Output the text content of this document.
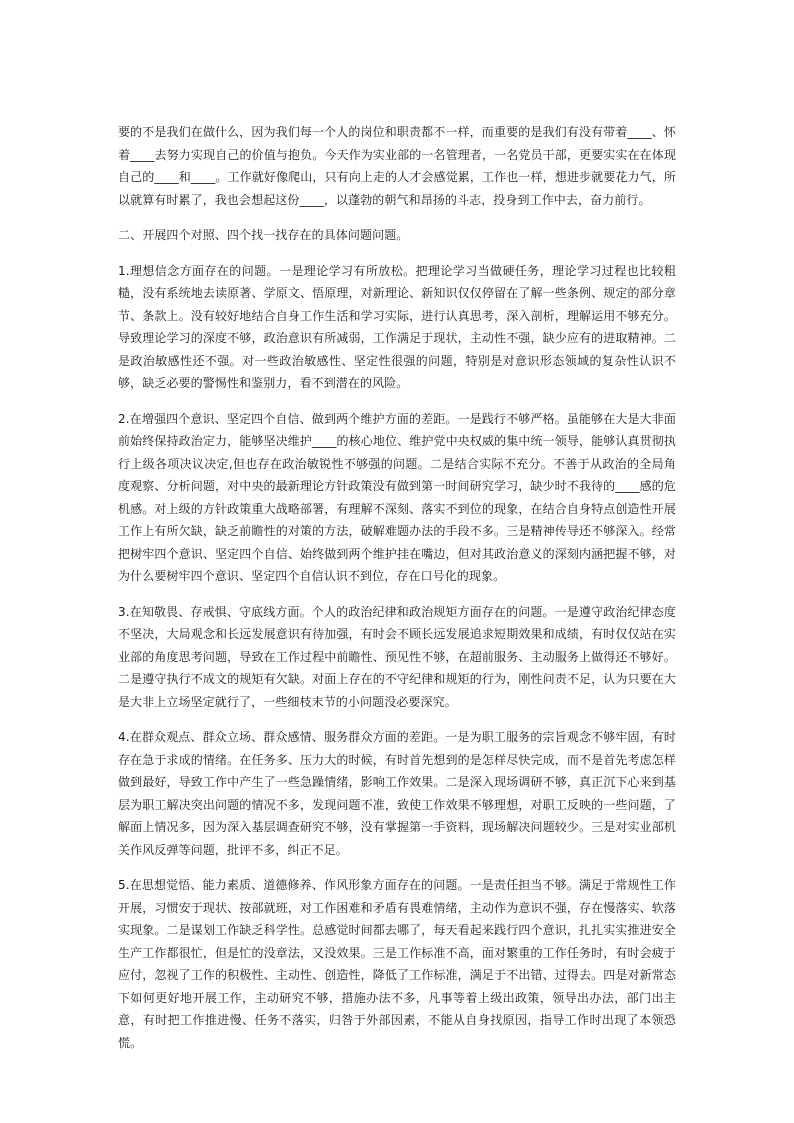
要的不是我们在做什么，因为我们每一个人的岗位和职责都不一样，而重要的是我们有没有带着____、怀着____去努力实现自己的价值与抱负。今天作为实业部的一名管理者，一名党员干部，更要实实在在体现自己的____和____。工作就好像爬山，只有向上走的人才会感觉累，工作也一样，想进步就要花力气，所以就算有时累了，我也会想起这份____，以蓬勃的朝气和昂扬的斗志，投身到工作中去，奋力前行。

二、开展四个对照、四个找一找存在的具体问题问题。

1.理想信念方面存在的问题。一是理论学习有所放松。把理论学习当做硬任务，理论学习过程也比较粗糙，没有系统地去读原著、学原文、悟原理，对新理论、新知识仅仅停留在了解一些条例、规定的部分章节、条款上。没有较好地结合自身工作生活和学习实际，进行认真思考，深入剖析，理解运用不够充分。导致理论学习的深度不够，政治意识有所减弱，工作满足于现状，主动性不强，缺少应有的进取精神。二是政治敏感性还不强。对一些政治敏感性、坚定性很强的问题，特别是对意识形态领域的复杂性认识不够，缺乏必要的警惕性和鉴别力，看不到潜在的风险。

2.在增强四个意识、坚定四个自信、做到两个维护方面的差距。一是践行不够严格。虽能够在大是大非面前始终保持政治定力，能够坚决维护____的核心地位、维护党中央权威的集中统一领导，能够认真贯彻执行上级各项决议决定,但也存在政治敏锐性不够强的问题。二是结合实际不充分。不善于从政治的全局角度观察、分析问题，对中央的最新理论方针政策没有做到第一时间研究学习，缺少时不我待的____感的危机感。对上级的方针政策重大战略部署，有理解不深刻、落实不到位的现象，在结合自身特点创造性开展工作上有所欠缺，缺乏前瞻性的对策的方法，破解难题办法的手段不多。三是精神传导还不够深入。经常把树牢四个意识、坚定四个自信、始终做到两个维护挂在嘴边，但对其政治意义的深刻内涵把握不够，对为什么要树牢四个意识、坚定四个自信认识不到位，存在口号化的现象。

3.在知敬畏、存戒惧、守底线方面。个人的政治纪律和政治规矩方面存在的问题。一是遵守政治纪律态度不坚决，大局观念和长远发展意识有待加强，有时会不顾长远发展追求短期效果和成绩，有时仅仅站在实业部的角度思考问题，导致在工作过程中前瞻性、预见性不够，在超前服务、主动服务上做得还不够好。二是遵守执行不成文的规矩有欠缺。对面上存在的不守纪律和规矩的行为，刚性问责不足，认为只要在大是大非上立场坚定就行了，一些细枝末节的小问题没必要深究。

4.在群众观点、群众立场、群众感情、服务群众方面的差距。一是为职工服务的宗旨观念不够牢固，有时存在急于求成的情绪。在任务多、压力大的时候，有时首先想到的是怎样尽快完成，而不是首先考虑怎样做到最好，导致工作中产生了一些急躁情绪，影响工作效果。二是深入现场调研不够，真正沉下心来到基层为职工解决突出问题的情况不多，发现问题不准，致使工作效果不够理想，对职工反映的一些问题，了解面上情况多，因为深入基层调查研究不够，没有掌握第一手资料，现场解决问题较少。三是对实业部机关作风反弹等问题，批评不多，纠正不足。

5.在思想觉悟、能力素质、道德修养、作风形象方面存在的问题。一是责任担当不够。满足于常规性工作开展，习惯安于现状、按部就班，对工作困难和矛盾有畏难情绪，主动作为意识不强，存在慢落实、软落实现象。二是谋划工作缺乏科学性。总感觉时间都去哪了，每天看起来践行四个意识，扎扎实实推进安全生产工作都很忙，但是忙的没章法，又没效果。三是工作标准不高，面对繁重的工作任务时，有时会疲于应付，忽视了工作的积极性、主动性、创造性，降低了工作标准，满足于不出错、过得去。四是对新常态下如何更好地开展工作，主动研究不够，措施办法不多，凡事等着上级出政策，领导出办法，部门出主意，有时把工作推进慢、任务不落实，归咎于外部因素，不能从自身找原因，指导工作时出现了本领恐慌。
